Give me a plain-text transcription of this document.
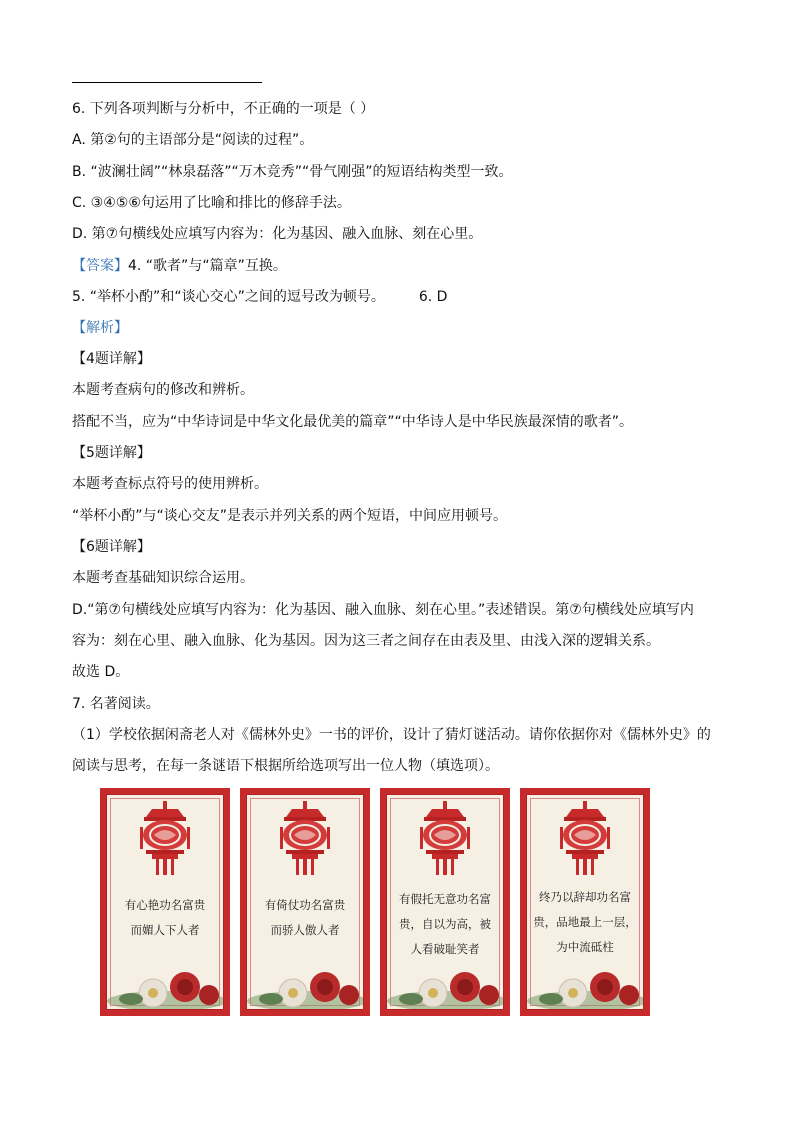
6. 下列各项判断与分析中，不正确的一项是（ ）
A. 第②句的主语部分是“阅读的过程”。
B. “波澜壮阔”“林泉磊落”“万木竞秀”“骨气刚强”的短语结构类型一致。
C. ③④⑤⑥句运用了比喻和排比的修辞手法。
D. 第⑦句横线处应填写内容为：化为基因、融入血脉、刻在心里。
【答案】4. “歌者”与“篇章”互换。
5. “举杯小酌”和“谈心交心”之间的逗号改为顿号。 6. D
【解析】
【4题详解】
本题考查病句的修改和辨析。
搭配不当，应为“中华诗词是中华文化最优美的篇章”“中华诗人是中华民族最深情的歌者”。
【5题详解】
本题考查标点符号的使用辨析。
“举杯小酌”与“谈心交友”是表示并列关系的两个短语，中间应用顿号。
【6题详解】
本题考查基础知识综合运用。
D.“第⑦句横线处应填写内容为：化为基因、融入血脉、刻在心里。”表述错误。第⑦句横线处应填写内
容为：刻在心里、融入血脉、化为基因。因为这三者之间存在由表及里、由浅入深的逻辑关系。
故选 D。
7. 名著阅读。
（1）学校依据闲斋老人对《儒林外史》一书的评价，设计了猜灯谜活动。请你依据你对《儒林外史》的
阅读与思考，在每一条谜语下根据所给选项写出一位人物（填选项）。
有心艳功名富贵
而媚人下人者
有倚仗功名富贵
而骄人傲人者
有假托无意功名富
贵，自以为高，被
人看破耻笑者
终乃以辞却功名富
贵，品地最上一层，
为中流砥柱
